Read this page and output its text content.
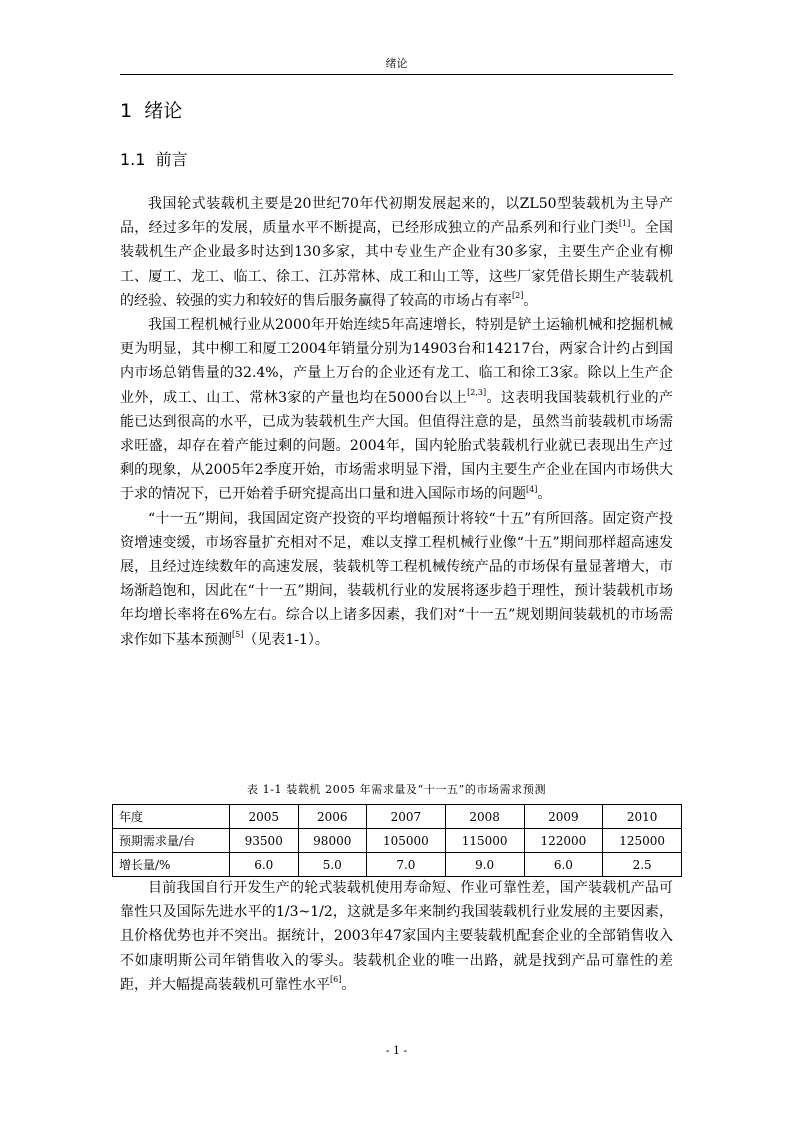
绪论
1 绪论
1.1 前言

我国轮式装载机主要是20世纪70年代初期发展起来的，以ZL50型装载机为主导产品，经过多年的发展，质量水平不断提高，已经形成独立的产品系列和行业门类[1]。全国装载机生产企业最多时达到130多家，其中专业生产企业有30多家，主要生产企业有柳工、厦工、龙工、临工、徐工、江苏常林、成工和山工等，这些厂家凭借长期生产装载机的经验、较强的实力和较好的售后服务赢得了较高的市场占有率[2]。

我国工程机械行业从2000年开始连续5年高速增长，特别是铲土运输机械和挖掘机械更为明显，其中柳工和厦工2004年销量分别为14903台和14217台，两家合计约占到国内市场总销售量的32.4%，产量上万台的企业还有龙工、临工和徐工3家。除以上生产企业外，成工、山工、常林3家的产量也均在5000台以上[2,3]。这表明我国装载机行业的产能已达到很高的水平，已成为装载机生产大国。但值得注意的是，虽然当前装载机市场需求旺盛，却存在着产能过剩的问题。2004年，国内轮胎式装载机行业就已表现出生产过剩的现象，从2005年2季度开始，市场需求明显下滑，国内主要生产企业在国内市场供大于求的情况下，已开始着手研究提高出口量和进入国际市场的问题[4]。

“十一五”期间，我国固定资产投资的平均增幅预计将较“十五”有所回落。固定资产投资增速变缓，市场容量扩充相对不足，难以支撑工程机械行业像“十五”期间那样超高速发展，且经过连续数年的高速发展，装载机等工程机械传统产品的市场保有量显著增大，市场渐趋饱和，因此在“十一五”期间，装载机行业的发展将逐步趋于理性，预计装载机市场年均增长率将在6%左右。综合以上诸多因素，我们对“十一五”规划期间装载机的市场需求作如下基本预测[5]（见表1-1）。

表 1-1 装载机 2005 年需求量及“十一五”的市场需求预测
年度	2005	2006	2007	2008	2009	2010
预期需求量/台	93500	98000	105000	115000	122000	125000
增长量/%	6.0	5.0	7.0	9.0	6.0	2.5

目前我国自行开发生产的轮式装载机使用寿命短、作业可靠性差，国产装载机产品可靠性只及国际先进水平的1/3~1/2，这就是多年来制约我国装载机行业发展的主要因素，且价格优势也并不突出。据统计，2003年47家国内主要装载机配套企业的全部销售收入不如康明斯公司年销售收入的零头。装载机企业的唯一出路，就是找到产品可靠性的差距，并大幅提高装载机可靠性水平[6]。

- 1 -
